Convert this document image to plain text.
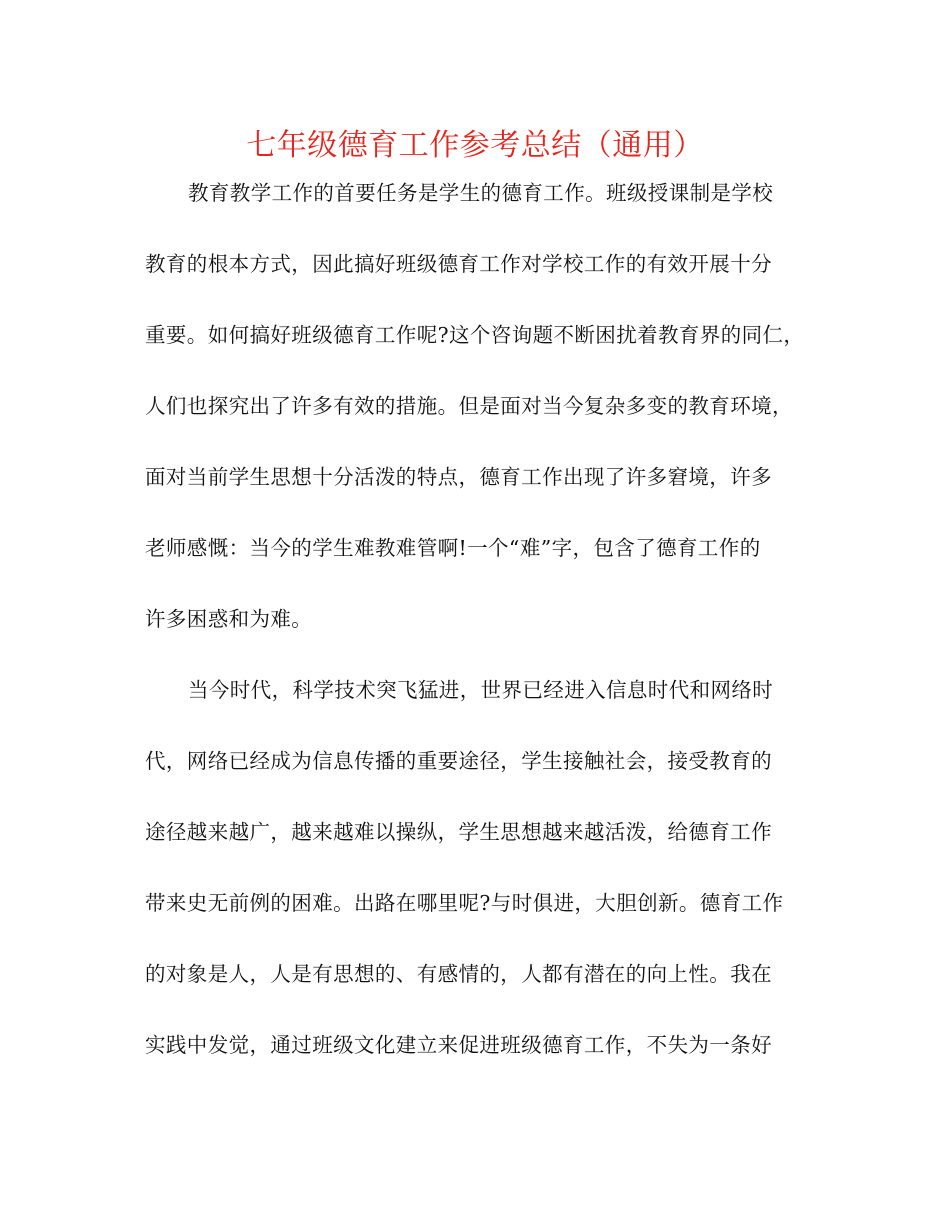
七年级德育工作参考总结（通用）
教育教学工作的首要任务是学生的德育工作。班级授课制是学校
教育的根本方式，因此搞好班级德育工作对学校工作的有效开展十分
重要。如何搞好班级德育工作呢?这个咨询题不断困扰着教育界的同仁，
人们也探究出了许多有效的措施。但是面对当今复杂多变的教育环境，
面对当前学生思想十分活泼的特点，德育工作出现了许多窘境，许多
老师感慨：当今的学生难教难管啊!一个“难”字，包含了德育工作的
许多困惑和为难。
当今时代，科学技术突飞猛进，世界已经进入信息时代和网络时
代，网络已经成为信息传播的重要途径，学生接触社会，接受教育的
途径越来越广，越来越难以操纵，学生思想越来越活泼，给德育工作
带来史无前例的困难。出路在哪里呢?与时俱进，大胆创新。德育工作
的对象是人，人是有思想的、有感情的，人都有潜在的向上性。我在
实践中发觉，通过班级文化建立来促进班级德育工作，不失为一条好
